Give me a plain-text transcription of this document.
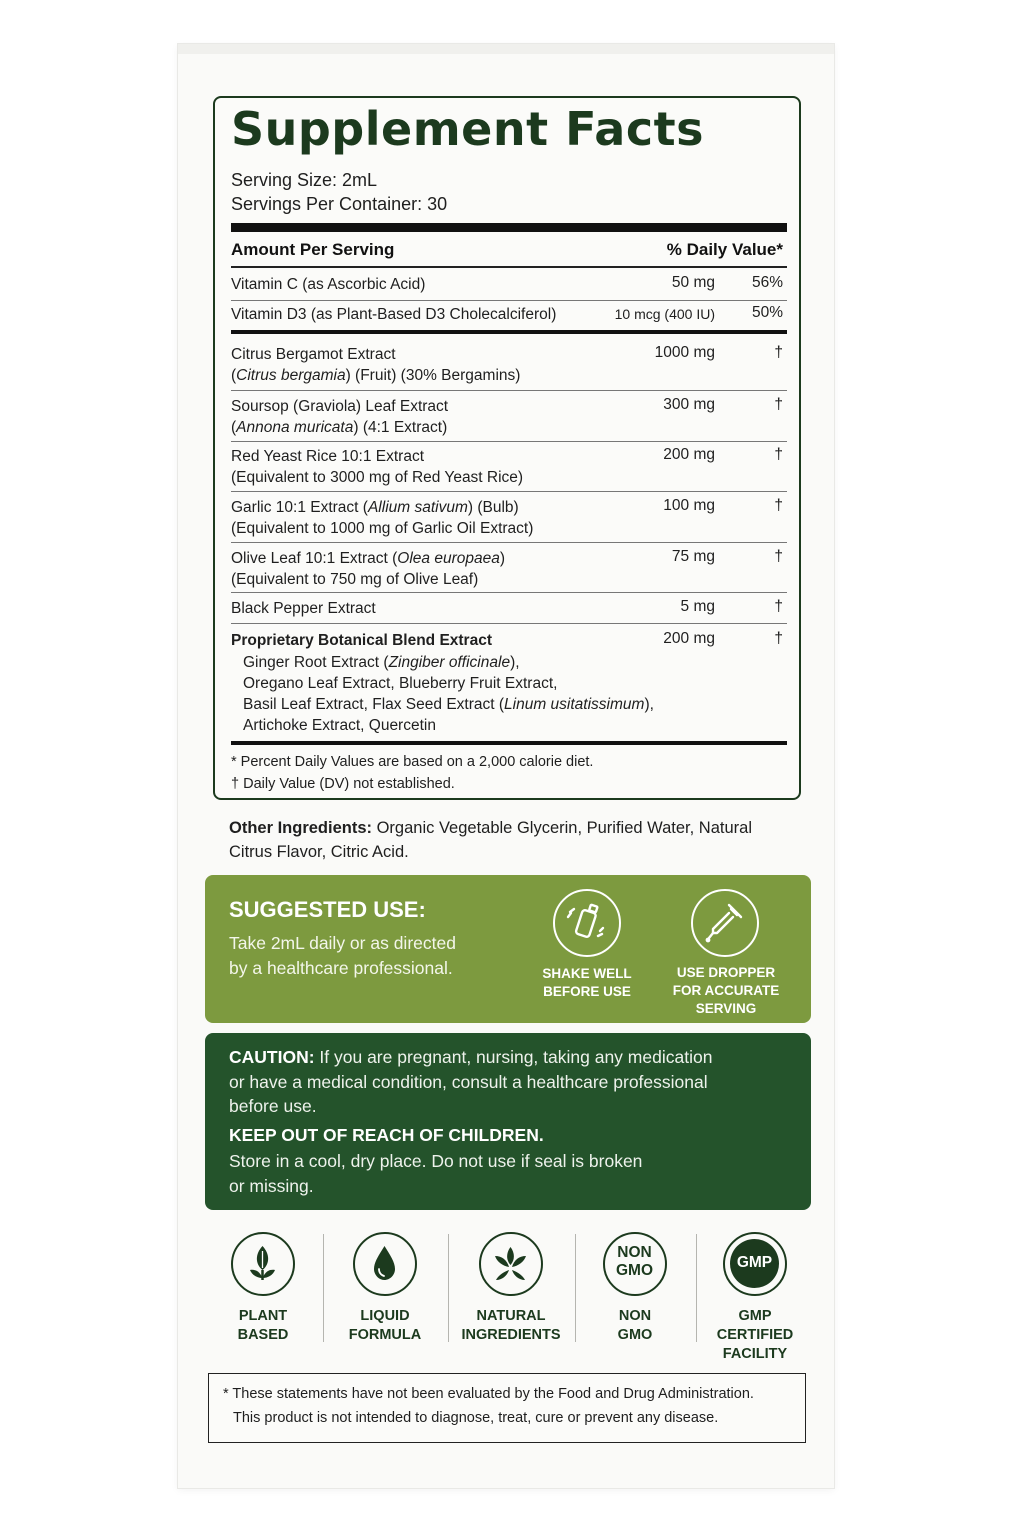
Supplement Facts
Serving Size: 2mL
Servings Per Container: 30
Amount Per Serving	% Daily Value*
Vitamin C (as Ascorbic Acid)	50 mg 56%
Vitamin D3 (as Plant-Based D3 Cholecalciferol)	10 mcg (400 IU) 50%
Citrus Bergamot Extract
(Citrus bergamia) (Fruit) (30% Bergamins)
1000 mg	†
Soursop (Graviola) Leaf Extract
(Annona muricata) (4:1 Extract)
300 mg	†
Red Yeast Rice 10:1 Extract
(Equivalent to 3000 mg of Red Yeast Rice)
200 mg	†
Garlic 10:1 Extract (Allium sativum) (Bulb)
(Equivalent to 1000 mg of Garlic Oil Extract)
100 mg	†
Olive Leaf 10:1 Extract (Olea europaea)
(Equivalent to 750 mg of Olive Leaf)
75 mg	†
Black Pepper Extract	5 mg	†
Proprietary Botanical Blend Extract	200 mg	†
Ginger Root Extract (Zingiber officinale),
Oregano Leaf Extract, Blueberry Fruit Extract,
Basil Leaf Extract, Flax Seed Extract (Linum usitatissimum),
Artichoke Extract, Quercetin
* Percent Daily Values are based on a 2,000 calorie diet.
† Daily Value (DV) not established.
Other Ingredients: Organic Vegetable Glycerin, Purified Water, Natural Citrus Flavor, Citric Acid.
SUGGESTED USE:
Take 2mL daily or as directed
by a healthcare professional.	SHAKE WELL
BEFORE USE
USE DROPPER
FOR ACCURATE
SERVING
CAUTION: If you are pregnant, nursing, taking any medication
or have a medical condition, consult a healthcare professional
before use.
KEEP OUT OF REACH OF CHILDREN.
Store in a cool, dry place. Do not use if seal is broken
or missing.
PLANT
BASED
LIQUID
FORMULA
NATURAL
INGREDIENTS
NON
GMO
NON
GMO
GMP
GMP
CERTIFIED
FACILITY
* These statements have not been evaluated by the Food and Drug Administration.
This product is not intended to diagnose, treat, cure or prevent any disease.
